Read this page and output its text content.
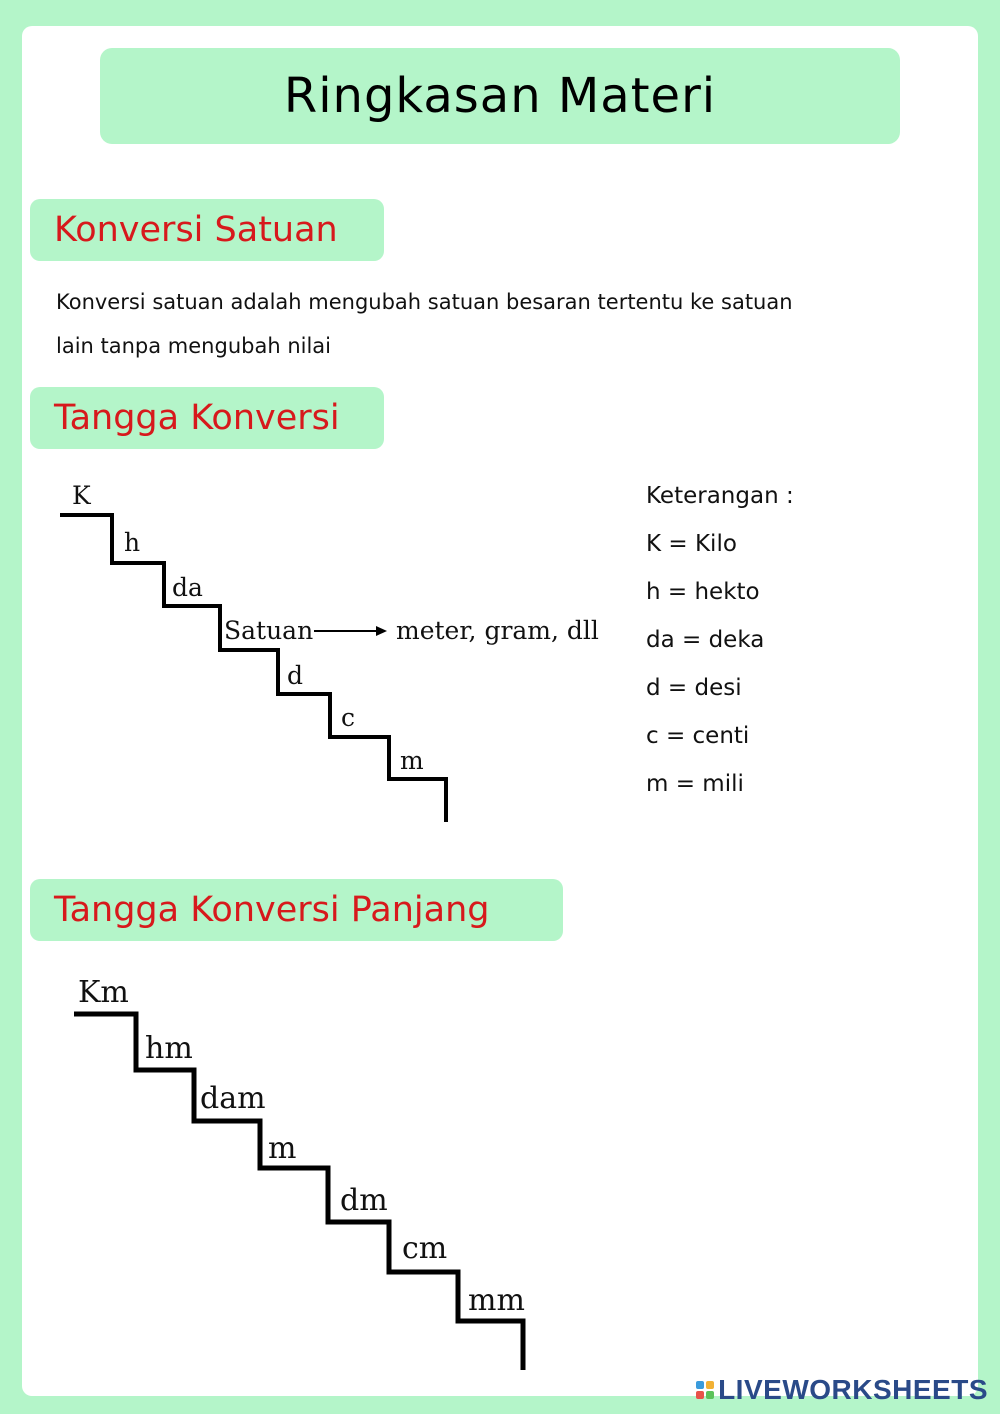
Ringkasan Materi
Konversi Satuan
Konversi satuan adalah mengubah satuan besaran tertentu ke satuan
lain tanpa mengubah nilai
Tangga Konversi
K
h
da
Satuan	meter, gram, dll
d
c
m
Keterangan :
K = Kilo
h = hekto
da = deka
d = desi
c = centi
m = mili
Tangga Konversi Panjang
Km
hm
dam
m
dm
cm
mm
LIVEWORKSHEETS
